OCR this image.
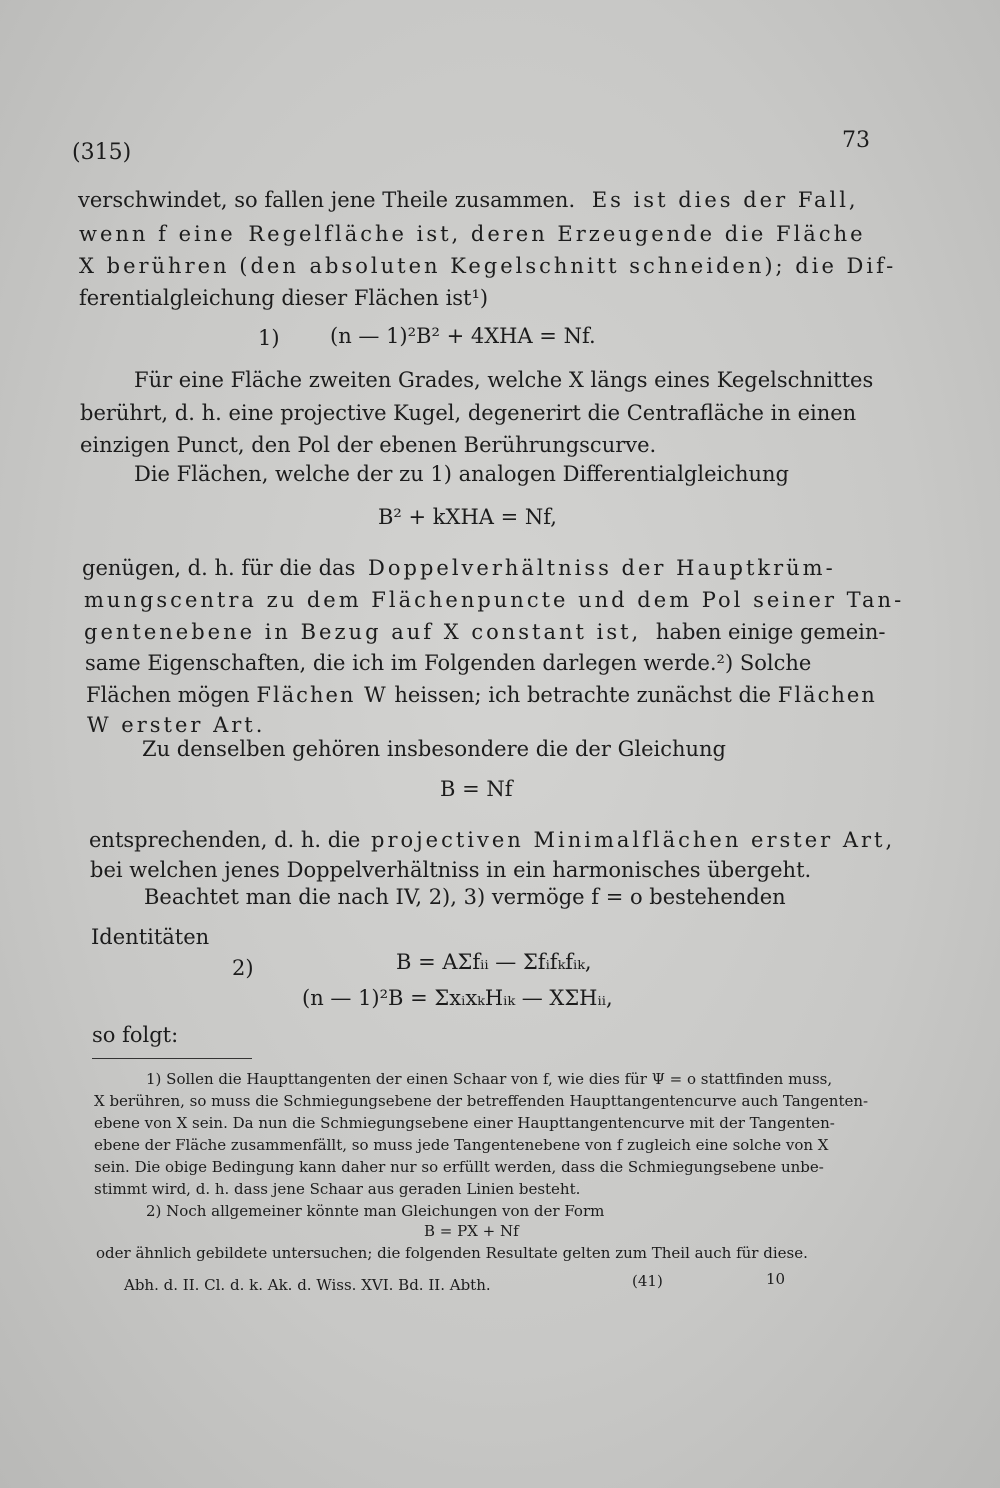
(315)	73
verschwindet, so fallen jene Theile zusammen. Es ist dies der Fall,
wenn f eine Regelfläche ist, deren Erzeugende die Fläche
X berühren (den absoluten Kegelschnitt schneiden); die Dif-
ferentialgleichung dieser Flächen ist¹)
1) (n — 1)²B² + 4XHA = Nf.
Für eine Fläche zweiten Grades, welche X längs eines Kegelschnittes
berührt, d. h. eine projective Kugel, degenerirt die Centrafläche in einen
einzigen Punct, den Pol der ebenen Berührungscurve.
Die Flächen, welche der zu 1) analogen Differentialgleichung
B² + kXHA = Nf,
genügen, d. h. für die das Doppelverhältniss der Hauptkrüm-
mungscentra zu dem Flächenpuncte und dem Pol seiner Tan-
gentenebene in Bezug auf X constant ist, haben einige gemein-
same Eigenschaften, die ich im Folgenden darlegen werde.²) Solche
Flächen mögen Flächen W heissen; ich betrachte zunächst die Flächen
W erster Art.
Zu denselben gehören insbesondere die der Gleichung
B = Nf
entsprechenden, d. h. die projectiven Minimalflächen erster Art,
bei welchen jenes Doppelverhältniss in ein harmonisches übergeht.
Beachtet man die nach IV, 2), 3) vermöge f = o bestehenden
Identitäten
2)	B = AΣfᵢᵢ — Σfᵢfₖfᵢₖ,
(n — 1)²B = ΣxᵢxₖHᵢₖ — XΣHᵢᵢ,
so folgt:
1) Sollen die Haupttangenten der einen Schaar von f, wie dies für Ψ = o stattfinden muss,
X berühren, so muss die Schmiegungsebene der betreffenden Haupttangentencurve auch Tangenten-
ebene von X sein. Da nun die Schmiegungsebene einer Haupttangentencurve mit der Tangenten-
ebene der Fläche zusammenfällt, so muss jede Tangentenebene von f zugleich eine solche von X
sein. Die obige Bedingung kann daher nur so erfüllt werden, dass die Schmiegungsebene unbe-
stimmt wird, d. h. dass jene Schaar aus geraden Linien besteht.
2) Noch allgemeiner könnte man Gleichungen von der Form
B = PX + Nf
oder ähnlich gebildete untersuchen; die folgenden Resultate gelten zum Theil auch für diese.
Abh. d. II. Cl. d. k. Ak. d. Wiss. XVI. Bd. II. Abth.	(41)	10
